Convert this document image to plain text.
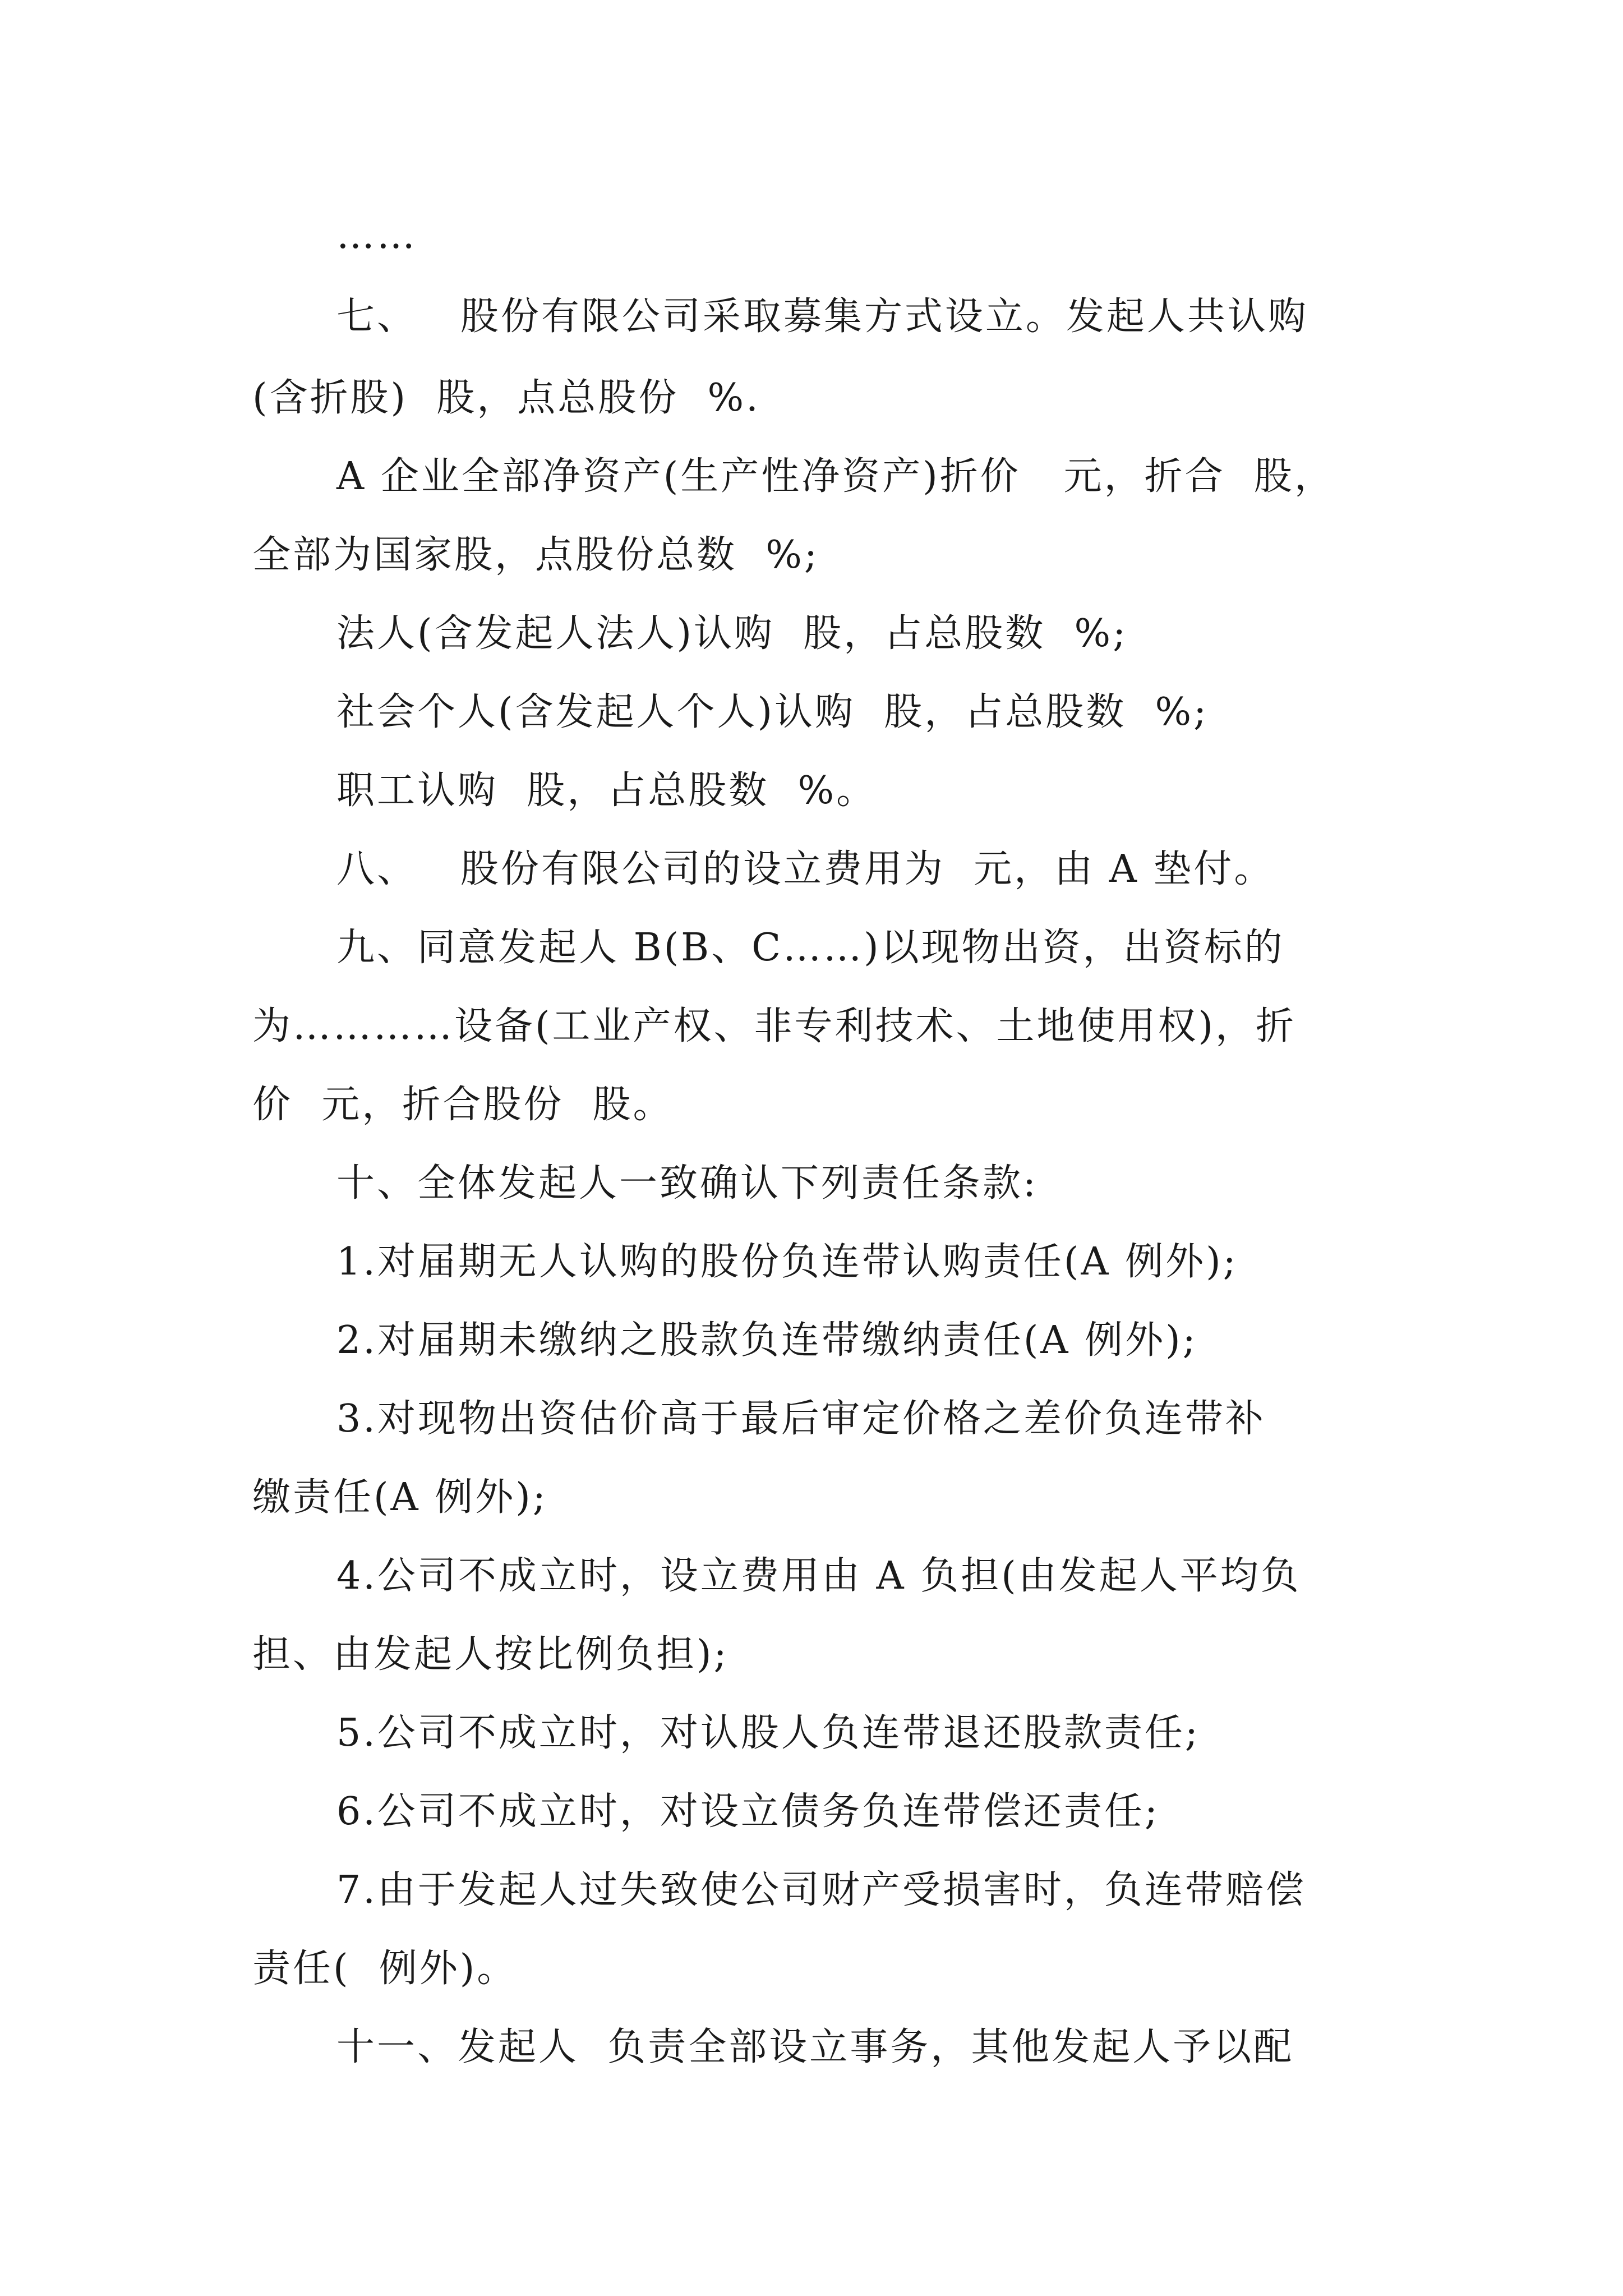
……
七、   股份有限公司采取募集方式设立。发起人共认购
(含折股)  股，点总股份  %.
A 企业全部净资产(生产性净资产)折价   元，折合  股，
全部为国家股，点股份总数  %;
法人(含发起人法人)认购  股，占总股数  %;
社会个人(含发起人个人)认购  股，占总股数  %;
职工认购  股，占总股数  %。
八、   股份有限公司的设立费用为  元，由 A 垫付。
九、同意发起人 B(B、C……)以现物出资，出资标的
为…………设备(工业产权、非专利技术、土地使用权)，折
价  元，折合股份  股。
十、全体发起人一致确认下列责任条款:
1.对届期无人认购的股份负连带认购责任(A 例外);
2.对届期未缴纳之股款负连带缴纳责任(A 例外);
3.对现物出资估价高于最后审定价格之差价负连带补
缴责任(A 例外);
4.公司不成立时，设立费用由 A 负担(由发起人平均负
担、由发起人按比例负担);
5.公司不成立时，对认股人负连带退还股款责任;
6.公司不成立时，对设立债务负连带偿还责任;
7.由于发起人过失致使公司财产受损害时，负连带赔偿
责任(  例外)。
十一、发起人  负责全部设立事务，其他发起人予以配
